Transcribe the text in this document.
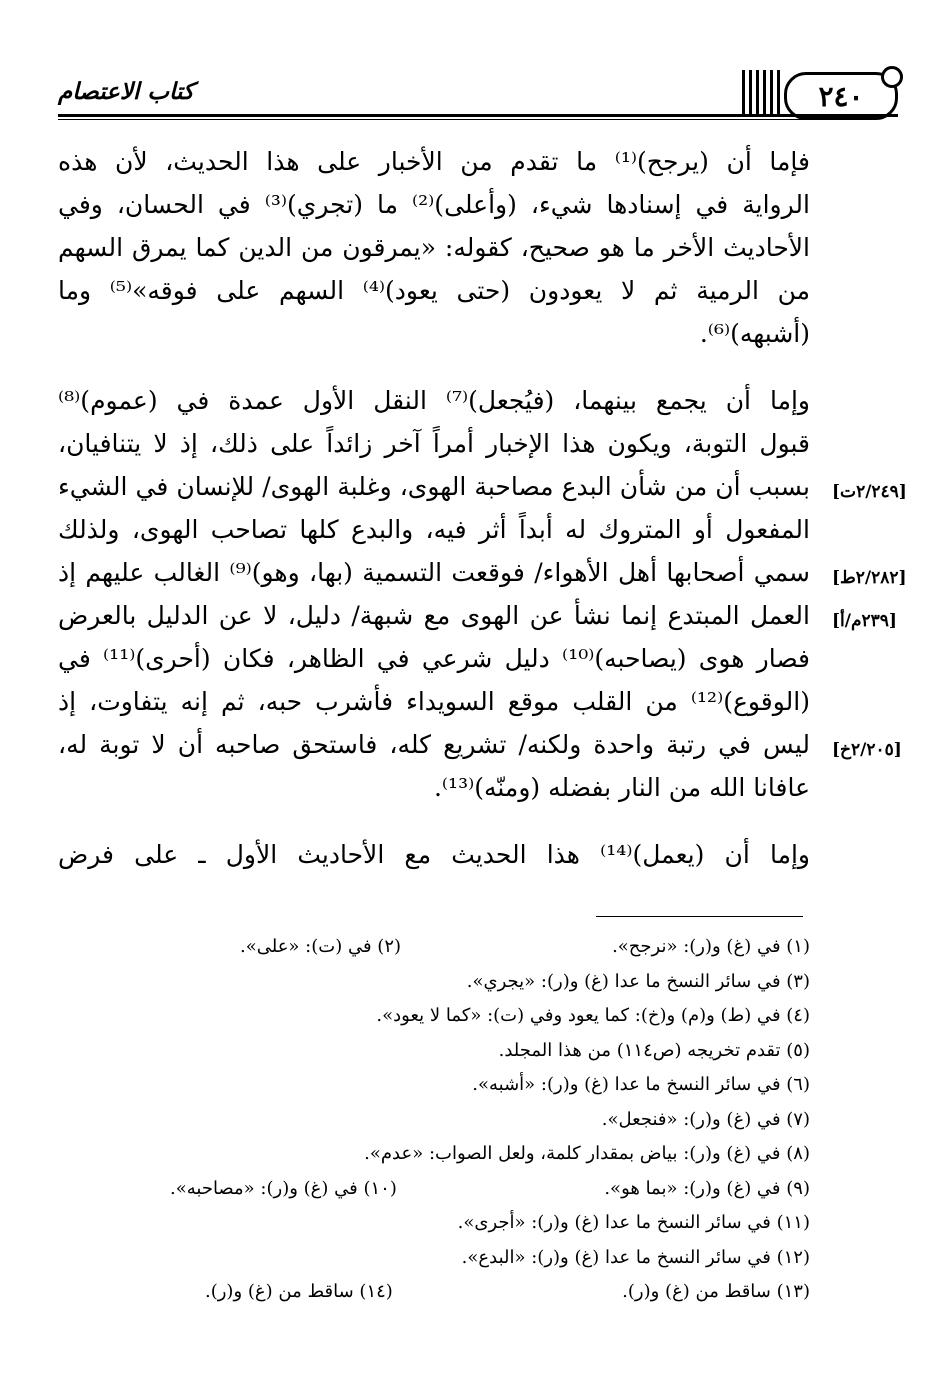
٢٤٠
كتاب الاعتصام
فإما أن (يرجح)⁽¹⁾ ما تقدم من الأخبار على هذا الحديث، لأن هذه
الرواية في إسنادها شيء، (وأعلى)⁽²⁾ ما (تجري)⁽³⁾ في الحسان، وفي
الأحاديث الأخر ما هو صحيح، كقوله: «يمرقون من الدين كما يمرق السهم
من الرمية ثم لا يعودون (حتى يعود)⁽⁴⁾ السهم على فوقه»⁽⁵⁾ وما
(أشبهه)⁽⁶⁾.
وإما أن يجمع بينهما، (فيُجعل)⁽⁷⁾ النقل الأول عمدة في (عموم)⁽⁸⁾
قبول التوبة، ويكون هذا الإخبار أمراً آخر زائداً على ذلك، إذ لا يتنافيان،
بسبب أن من شأن البدع مصاحبة الهوى، وغلبة الهوى/ للإنسان في الشيء
المفعول أو المتروك له أبداً أثر فيه، والبدع كلها تصاحب الهوى، ولذلك
سمي أصحابها أهل الأهواء/ فوقعت التسمية (بها، وهو)⁽⁹⁾ الغالب عليهم إذ
العمل المبتدع إنما نشأ عن الهوى مع شبهة/ دليل، لا عن الدليل بالعرض
فصار هوى (يصاحبه)⁽¹⁰⁾ دليل شرعي في الظاهر، فكان (أحرى)⁽¹¹⁾ في
(الوقوع)⁽¹²⁾ من القلب موقع السويداء فأشرب حبه، ثم إنه يتفاوت، إذ
ليس في رتبة واحدة ولكنه/ تشريع كله، فاستحق صاحبه أن لا توبة له،
عافانا الله من النار بفضله (ومنّه)⁽¹³⁾.
وإما أن (يعمل)⁽¹⁴⁾ هذا الحديث مع الأحاديث الأول ـ على فرض
[٢/٢٤٩ت]
[٢/٢٨٢ط]
[٢٣٩م/أ]
[٢/٢٠٥خ]
(١) في (غ) و(ر): «نرجح».
(٢) في (ت): «على».
(٣) في سائر النسخ ما عدا (غ) و(ر): «يجري».
(٤) في (ط) و(م) و(خ): كما يعود وفي (ت): «كما لا يعود».
(٥) تقدم تخريجه (ص١١٤) من هذا المجلد.
(٦) في سائر النسخ ما عدا (غ) و(ر): «أشبه».
(٧) في (غ) و(ر): «فنجعل».
(٨) في (غ) و(ر): بياض بمقدار كلمة، ولعل الصواب: «عدم».
(٩) في (غ) و(ر): «بما هو».
(١٠) في (غ) و(ر): «مصاحبه».
(١١) في سائر النسخ ما عدا (غ) و(ر): «أجرى».
(١٢) في سائر النسخ ما عدا (غ) و(ر): «البدع».
(١٣) ساقط من (غ) و(ر).
(١٤) ساقط من (غ) و(ر).
